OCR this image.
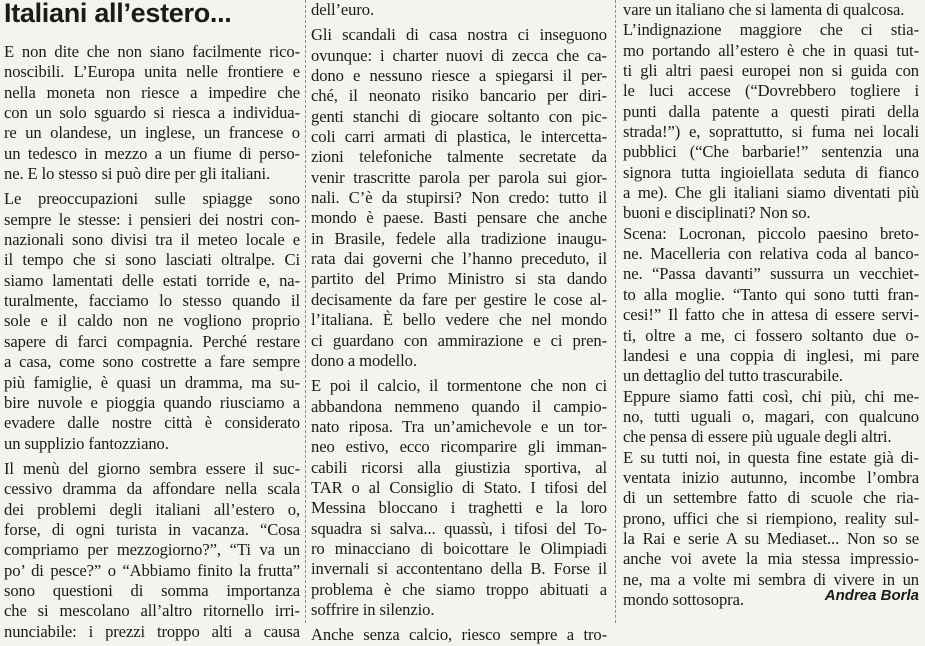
Italiani all’estero...
E non dite che non siano facilmente rico-
noscibili. L’Europa unita nelle frontiere e
nella moneta non riesce a impedire che
con un solo sguardo si riesca a individua-
re un olandese, un inglese, un francese o
un tedesco in mezzo a un fiume di perso-
ne. E lo stesso si può dire per gli italiani.
Le preoccupazioni sulle spiagge sono
sempre le stesse: i pensieri dei nostri con-
nazionali sono divisi tra il meteo locale e
il tempo che si sono lasciati oltralpe. Ci
siamo lamentati delle estati torride e, na-
turalmente, facciamo lo stesso quando il
sole e il caldo non ne vogliono proprio
sapere di farci compagnia. Perché restare
a casa, come sono costrette a fare sempre
più famiglie, è quasi un dramma, ma su-
bire nuvole e pioggia quando riusciamo a
evadere dalle nostre città è considerato
un supplizio fantozziano.
Il menù del giorno sembra essere il suc-
cessivo dramma da affondare nella scala
dei problemi degli italiani all’estero o,
forse, di ogni turista in vacanza. “Cosa
compriamo per mezzogiorno?”, “Ti va un
po’ di pesce?” o “Abbiamo finito la frutta”
sono questioni di somma importanza
che si mescolano all’altro ritornello irri-
nunciabile: i prezzi troppo alti a causa
dell’euro.
Gli scandali di casa nostra ci inseguono
ovunque: i charter nuovi di zecca che ca-
dono e nessuno riesce a spiegarsi il per-
ché, il neonato risiko bancario per diri-
genti stanchi di giocare soltanto con pic-
coli carri armati di plastica, le intercetta-
zioni telefoniche talmente secretate da
venir trascritte parola per parola sui gior-
nali. C’è da stupirsi? Non credo: tutto il
mondo è paese. Basti pensare che anche
in Brasile, fedele alla tradizione inaugu-
rata dai governi che l’hanno preceduto, il
partito del Primo Ministro si sta dando
decisamente da fare per gestire le cose al-
l’italiana. È bello vedere che nel mondo
ci guardano con ammirazione e ci pren-
dono a modello.
E poi il calcio, il tormentone che non ci
abbandona nemmeno quando il campio-
nato riposa. Tra un’amichevole e un tor-
neo estivo, ecco ricomparire gli imman-
cabili ricorsi alla giustizia sportiva, al
TAR o al Consiglio di Stato. I tifosi del
Messina bloccano i traghetti e la loro
squadra si salva... quassù, i tifosi del To-
ro minacciano di boicottare le Olimpiadi
invernali si accontentano della B. Forse il
problema è che siamo troppo abituati a
soffrire in silenzio.
Anche senza calcio, riesco sempre a tro-
vare un italiano che si lamenta di qualcosa.
L’indignazione maggiore che ci stia-
mo portando all’estero è che in quasi tut-
ti gli altri paesi europei non si guida con
le luci accese (“Dovrebbero togliere i
punti dalla patente a questi pirati della
strada!”) e, soprattutto, si fuma nei locali
pubblici (“Che barbarie!” sentenzia una
signora tutta ingioiellata seduta di fianco
a me). Che gli italiani siamo diventati più
buoni e disciplinati? Non so.
Scena: Locronan, piccolo paesino breto-
ne. Macelleria con relativa coda al banco-
ne. “Passa davanti” sussurra un vecchiet-
to alla moglie. “Tanto qui sono tutti fran-
cesi!” Il fatto che in attesa di essere servi-
ti, oltre a me, ci fossero soltanto due o-
landesi e una coppia di inglesi, mi pare
un dettaglio del tutto trascurabile.
Eppure siamo fatti così, chi più, chi me-
no, tutti uguali o, magari, con qualcuno
che pensa di essere più uguale degli altri.
E su tutti noi, in questa fine estate già di-
ventata inizio autunno, incombe l’ombra
di un settembre fatto di scuole che ria-
prono, uffici che si riempiono, reality sul-
la Rai e serie A su Mediaset... Non so se
anche voi avete la mia stessa impressio-
ne, ma a volte mi sembra di vivere in un
mondo sottosopra.	Andrea Borla
